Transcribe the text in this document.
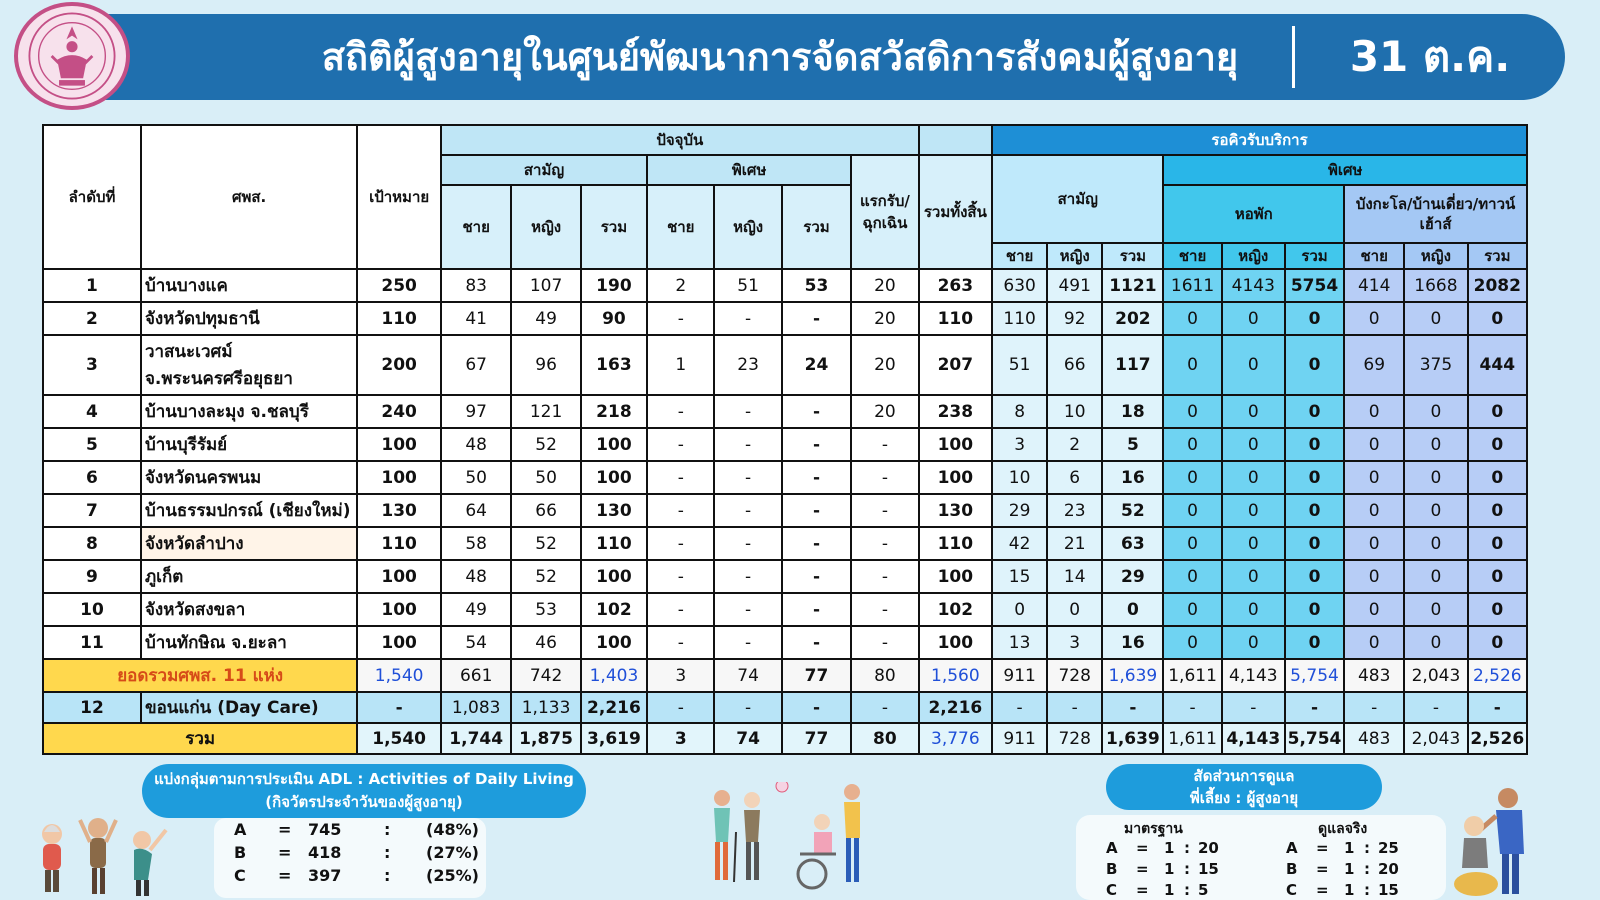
สถิติผู้สูงอายุในศูนย์พัฒนาการจัดสวัสดิการสังคมผู้สูงอายุ	31 ต.ค.
ลำดับที่	ศพส.	เป้าหมาย	ปัจจุบัน								รอคิวรับบริการ								
			สามัญ			พิเศษ			แรกรับ/ฉุกเฉิน	รวมทั้งสิ้น	สามัญ			พิเศษ					
			ชาย	หญิง	รวม	ชาย	หญิง	รวม						หอพัก			บังกะโล/บ้านเดี่ยว/ทาวน์เฮ้าส์		
											ชาย	หญิง	รวม	ชาย	หญิง	รวม	ชาย	หญิง	รวม
1	บ้านบางแค	250	83	107	190	2	51	53	20	263	630	491	1121	1611	4143	5754	414	1668	2082
2	จังหวัดปทุมธานี	110	41	49	90	-	-	-	20	110	110	92	202	0	0	0	0	0	0
3	วาสนะเวศม์
จ.พระนครศรีอยุธยา	200	67	96	163	1	23	24	20	207	51	66	117	0	0	0	69	375	444
4	บ้านบางละมุง จ.ชลบุรี	240	97	121	218	-	-	-	20	238	8	10	18	0	0	0	0	0	0
5	บ้านบุรีรัมย์	100	48	52	100	-	-	-	-	100	3	2	5	0	0	0	0	0	0
6	จังหวัดนครพนม	100	50	50	100	-	-	-	-	100	10	6	16	0	0	0	0	0	0
7	บ้านธรรมปกรณ์ (เชียงใหม่)	130	64	66	130	-	-	-	-	130	29	23	52	0	0	0	0	0	0
8	จังหวัดลำปาง	110	58	52	110	-	-	-	-	110	42	21	63	0	0	0	0	0	0
9	ภูเก็ต	100	48	52	100	-	-	-	-	100	15	14	29	0	0	0	0	0	0
10	จังหวัดสงขลา	100	49	53	102	-	-	-	-	102	0	0	0	0	0	0	0	0	0
11	บ้านทักษิณ จ.ยะลา	100	54	46	100	-	-	-	-	100	13	3	16	0	0	0	0	0	0
ยอดรวมศพส. 11 แห่ง		1,540	661	742	1,403	3	74	77	80	1,560	911	728	1,639	1,611	4,143	5,754	483	2,043	2,526
12	ขอนแก่น (Day Care)	-	1,083	1,133	2,216	-	-	-	-	2,216	-	-	-	-	-	-	-	-	-
รวม		1,540	1,744	1,875	3,619	3	74	77	80	3,776	911	728	1,639	1,611	4,143	5,754	483	2,043	2,526
แบ่งกลุ่มตามการประเมิน ADL : Activities of Daily Living
(กิจวัตรประจำวันของผู้สูงอายุ)
A = 745	: (48%)
B = 418	: (27%)
C = 397	: (25%)
สัดส่วนการดูแล
พี่เลี้ยง : ผู้สูงอายุ
มาตรฐาน	ดูแลจริง
A = 1 : 20
B = 1 : 15
C = 1 : 5
A = 1 : 25
B = 1 : 20
C = 1 : 15
